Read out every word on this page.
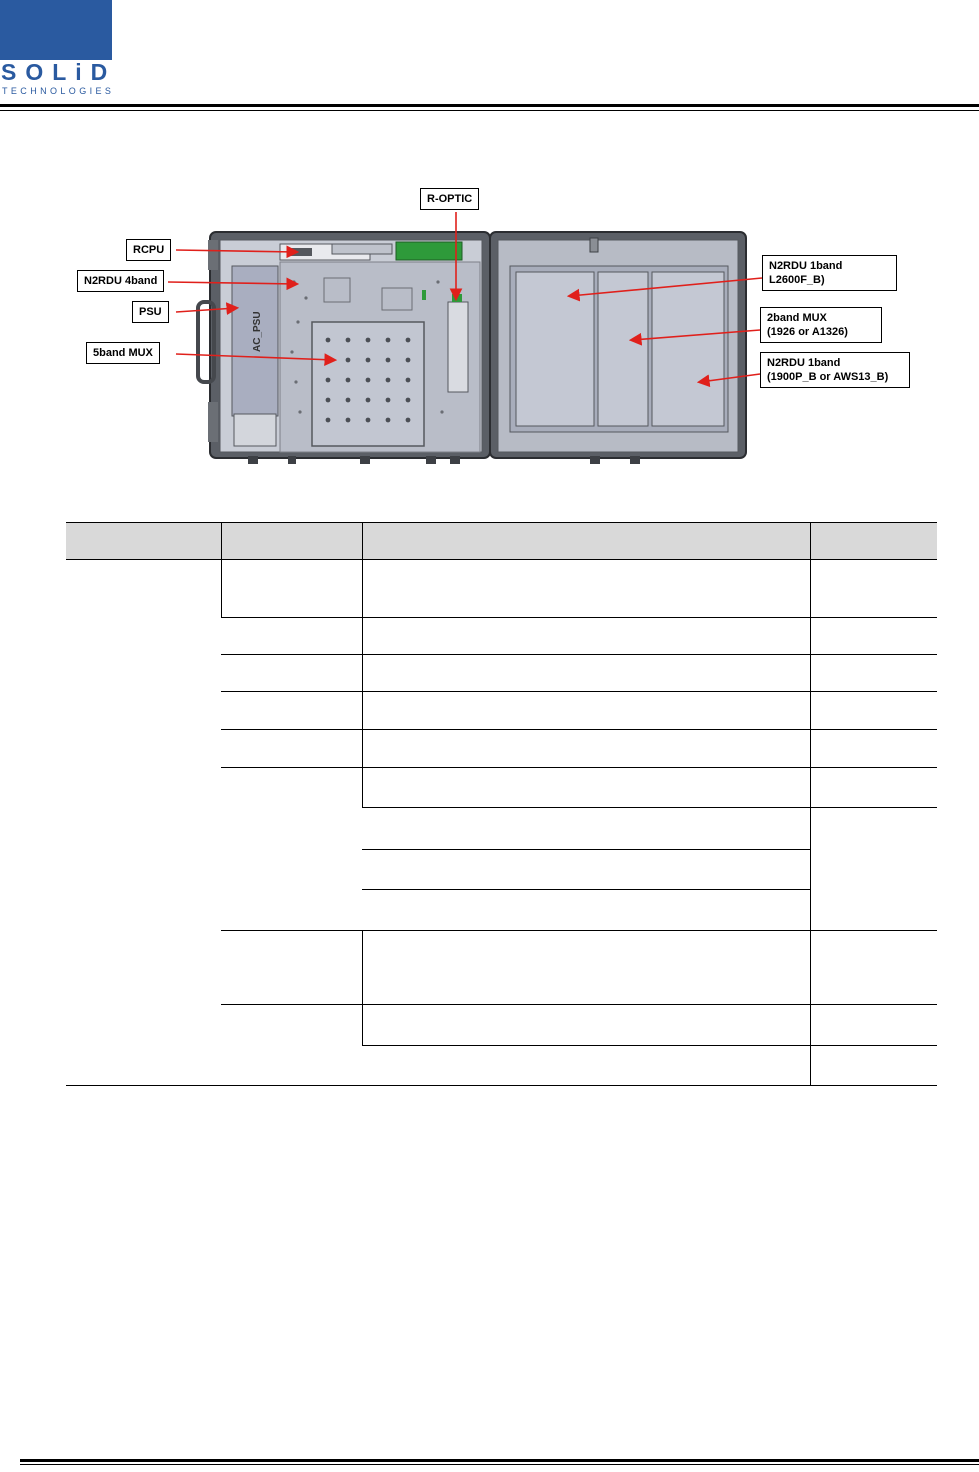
SOLiD
TECHNOLOGIES
AC_PSU
R-OPTIC
RCPU
N2RDU 4band
PSU
5band MUX
N2RDU 1band
L2600F_B)
2band MUX
(1926 or A1326)
N2RDU 1band
(1900P_B or AWS13_B)
